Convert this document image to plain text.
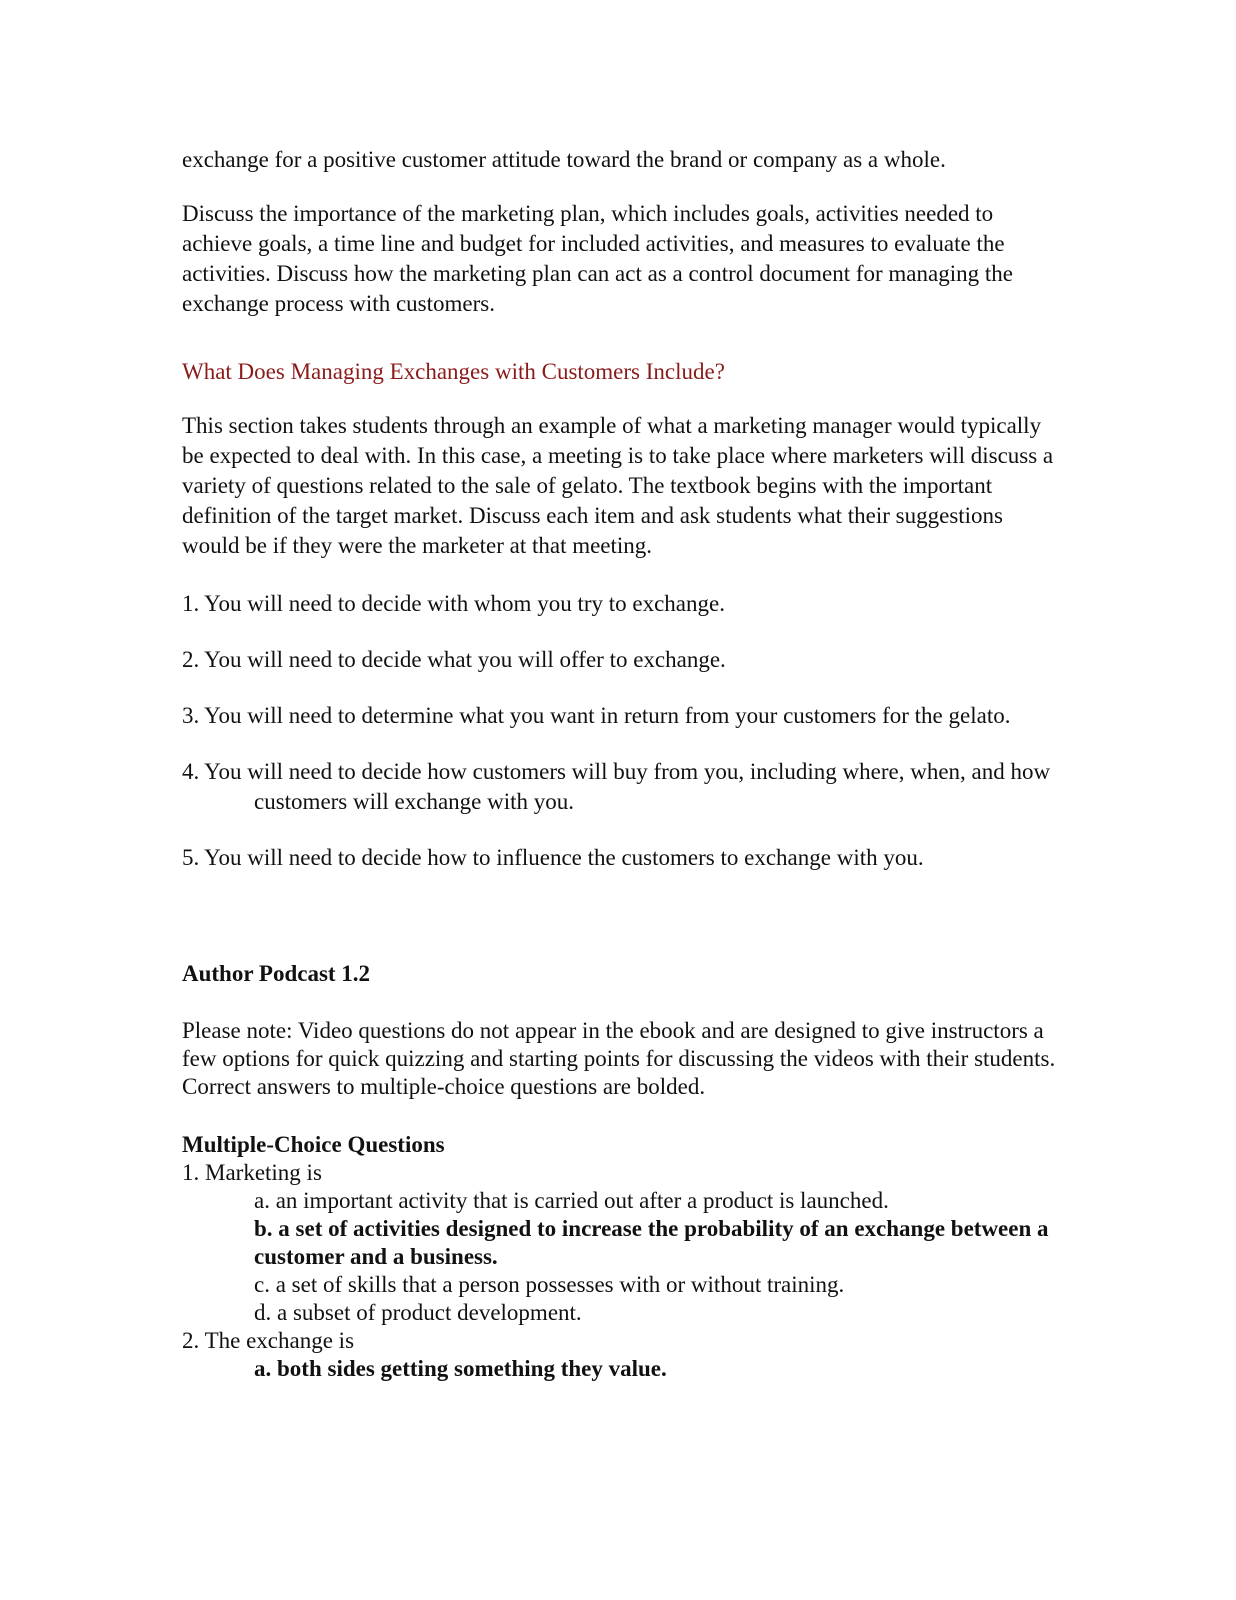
exchange for a positive customer attitude toward the brand or company as a whole.

Discuss the importance of the marketing plan, which includes goals, activities needed to achieve goals, a time line and budget for included activities, and measures to evaluate the activities. Discuss how the marketing plan can act as a control document for managing the exchange process with customers.

What Does Managing Exchanges with Customers Include?

This section takes students through an example of what a marketing manager would typically be expected to deal with. In this case, a meeting is to take place where marketers will discuss a variety of questions related to the sale of gelato. The textbook begins with the important definition of the target market. Discuss each item and ask students what their suggestions would be if they were the marketer at that meeting.

1. You will need to decide with whom you try to exchange.

2. You will need to decide what you will offer to exchange.

3. You will need to determine what you want in return from your customers for the gelato.

4. You will need to decide how customers will buy from you, including where, when, and how customers will exchange with you.

5. You will need to decide how to influence the customers to exchange with you.

Author Podcast 1.2

Please note: Video questions do not appear in the ebook and are designed to give instructors a few options for quick quizzing and starting points for discussing the videos with their students. Correct answers to multiple-choice questions are bolded.

Multiple-Choice Questions

1. Marketing is

a. an important activity that is carried out after a product is launched.

b. a set of activities designed to increase the probability of an exchange between a customer and a business.

c. a set of skills that a person possesses with or without training.

d. a subset of product development.

2. The exchange is

a. both sides getting something they value.
